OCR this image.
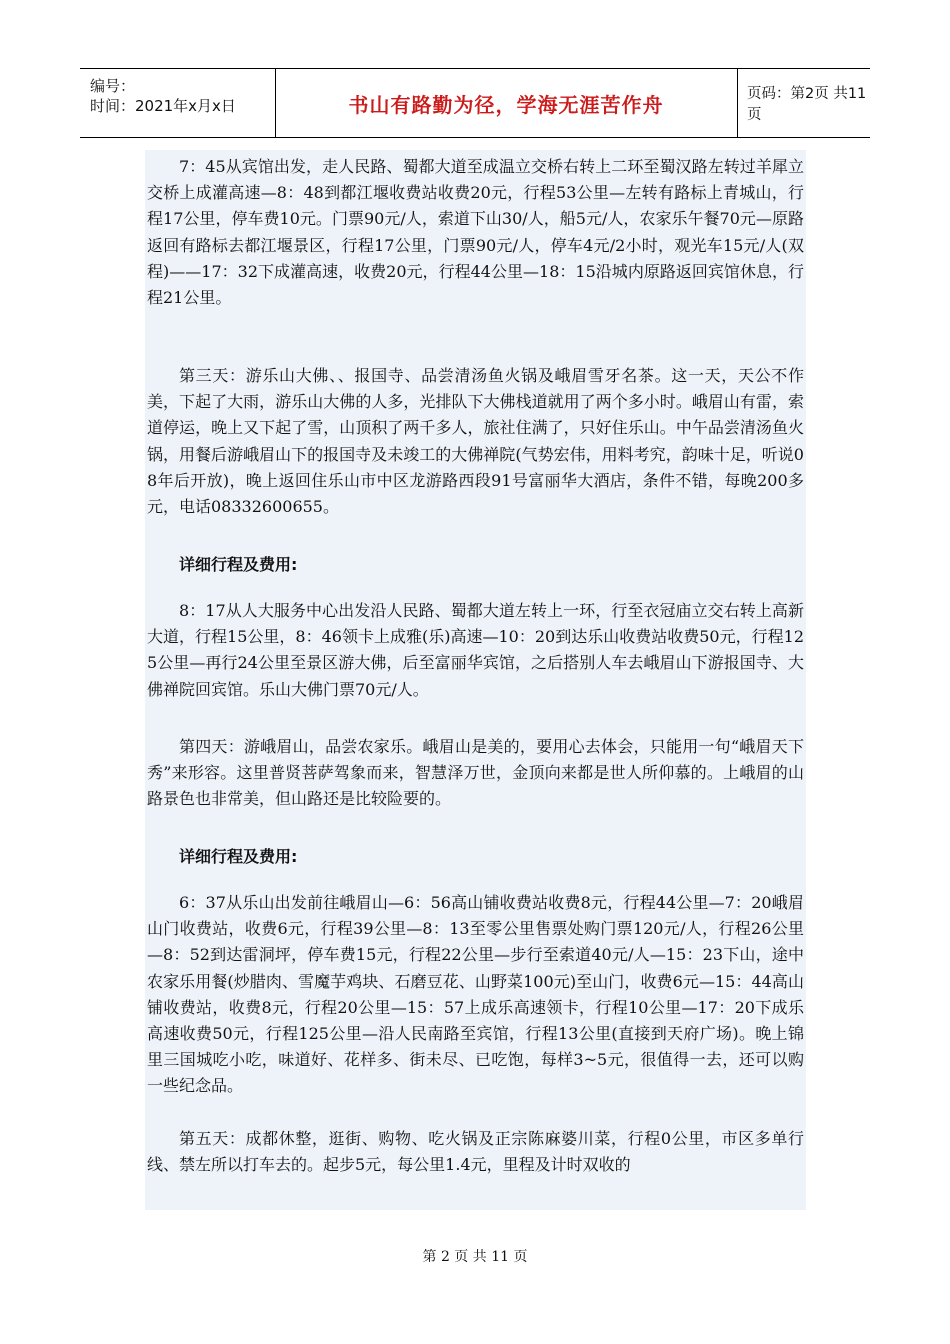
编号：
时间：2021年x月x日	书山有路勤为径，学海无涯苦作舟	页码：第2页 共11页

7：45从宾馆出发，走人民路、蜀都大道至成温立交桥右转上二环至蜀汉路左转过羊犀立交桥上成灌高速—8：48到都江堰收费站收费20元，行程53公里—左转有路标上青城山，行程17公里，停车费10元。门票90元/人，索道下山30/人，船5元/人，农家乐午餐70元—原路返回有路标去都江堰景区，行程17公里，门票90元/人，停车4元/2小时，观光车15元/人(双程)——17：32下成灌高速，收费20元，行程44公里—18：15沿城内原路返回宾馆休息，行程21公里。

第三天：游乐山大佛、、报国寺、品尝清汤鱼火锅及峨眉雪牙名茶。这一天，天公不作美，下起了大雨，游乐山大佛的人多，光排队下大佛栈道就用了两个多小时。峨眉山有雷，索道停运，晚上又下起了雪，山顶积了两千多人，旅社住满了，只好住乐山。中午品尝清汤鱼火锅，用餐后游峨眉山下的报国寺及未竣工的大佛禅院(气势宏伟，用料考究，韵味十足，听说08年后开放)，晚上返回住乐山市中区龙游路西段91号富丽华大酒店，条件不错，每晚200多元，电话08332600655。

详细行程及费用:

8：17从人大服务中心出发沿人民路、蜀都大道左转上一环，行至衣冠庙立交右转上高新大道，行程15公里，8：46领卡上成雅(乐)高速—10：20到达乐山收费站收费50元，行程125公里—再行24公里至景区游大佛，后至富丽华宾馆，之后搭别人车去峨眉山下游报国寺、大佛禅院回宾馆。乐山大佛门票70元/人。

第四天：游峨眉山，品尝农家乐。峨眉山是美的，要用心去体会，只能用一句“峨眉天下秀”来形容。这里普贤菩萨驾象而来，智慧泽万世，金顶向来都是世人所仰慕的。上峨眉的山路景色也非常美，但山路还是比较险要的。

详细行程及费用:

6：37从乐山出发前往峨眉山—6：56高山铺收费站收费8元，行程44公里—7：20峨眉山门收费站，收费6元，行程39公里—8：13至零公里售票处购门票120元/人，行程26公里—8：52到达雷洞坪，停车费15元，行程22公里—步行至索道40元/人—15：23下山，途中农家乐用餐(炒腊肉、雪魔芋鸡块、石磨豆花、山野菜100元)至山门，收费6元—15：44高山铺收费站，收费8元，行程20公里—15：57上成乐高速领卡，行程10公里—17：20下成乐高速收费50元，行程125公里—沿人民南路至宾馆，行程13公里(直接到天府广场)。晚上锦里三国城吃小吃，味道好、花样多、街未尽、已吃饱，每样3~5元，很值得一去，还可以购一些纪念品。

第五天：成都休整，逛街、购物、吃火锅及正宗陈麻婆川菜，行程0公里，市区多单行线、禁左所以打车去的。起步5元，每公里1.4元，里程及计时双收的

第 2 页 共 11 页
